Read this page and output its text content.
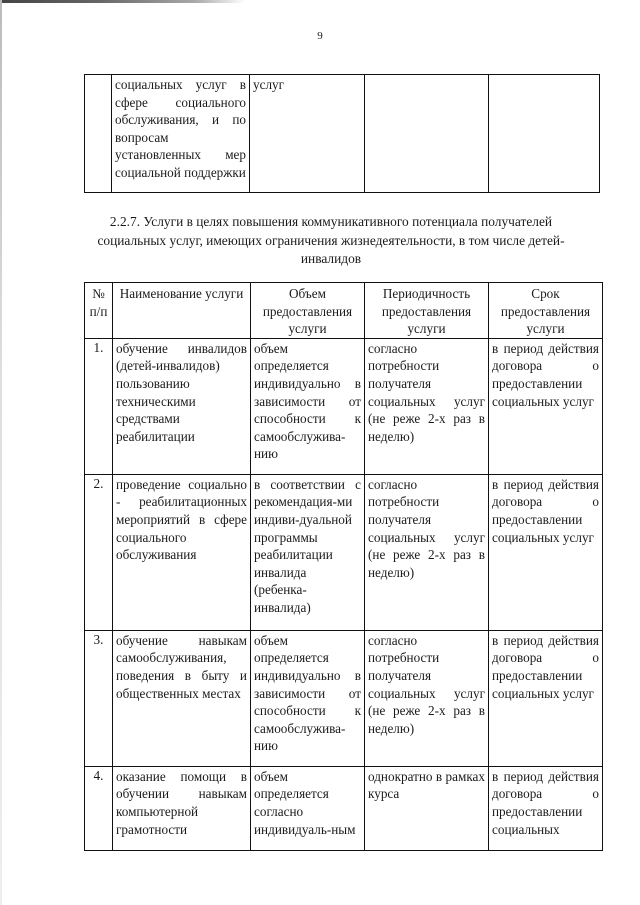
9
	социальных услуг в сфере социального обслуживания, и по вопросам установленных мер социальной поддержки	услуг		
2.2.7. Услуги в целях повышения коммуникативного потенциала получателей социальных услуг, имеющих ограничения жизнедеятельности, в том числе детей-инвалидов
№ п/п	Наименование услуги	Объем предоставления услуги	Периодичность предоставления услуги	Срок предоставления услуги
1.	обучение инвалидов (детей-инвалидов) пользованию техническими средствами реабилитации	объем определяется индивидуально в зависимости от способности к самообслужива-нию	согласно потребности получателя социальных услуг (не реже 2-х раз в неделю)	в период действия договора о предоставлении социальных услуг
2.	проведение социально - реабилитационных мероприятий в сфере социального обслуживания	в соответствии с рекомендация-ми индиви-дуальной программы реабилитации инвалида (ребенка-инвалида)	согласно потребности получателя социальных услуг (не реже 2-х раз в неделю)	в период действия договора о предоставлении социальных услуг
3.	обучение навыкам самообслуживания, поведения в быту и общественных местах	объем определяется индивидуально в зависимости от способности к самообслужива-нию	согласно потребности получателя социальных услуг (не реже 2-х раз в неделю)	в период действия договора о предоставлении социальных услуг
4.	оказание помощи в обучении навыкам компьютерной грамотности	объем определяется согласно индивидуаль-ным	однократно в рамках курса	в период действия договора о предоставлении социальных
